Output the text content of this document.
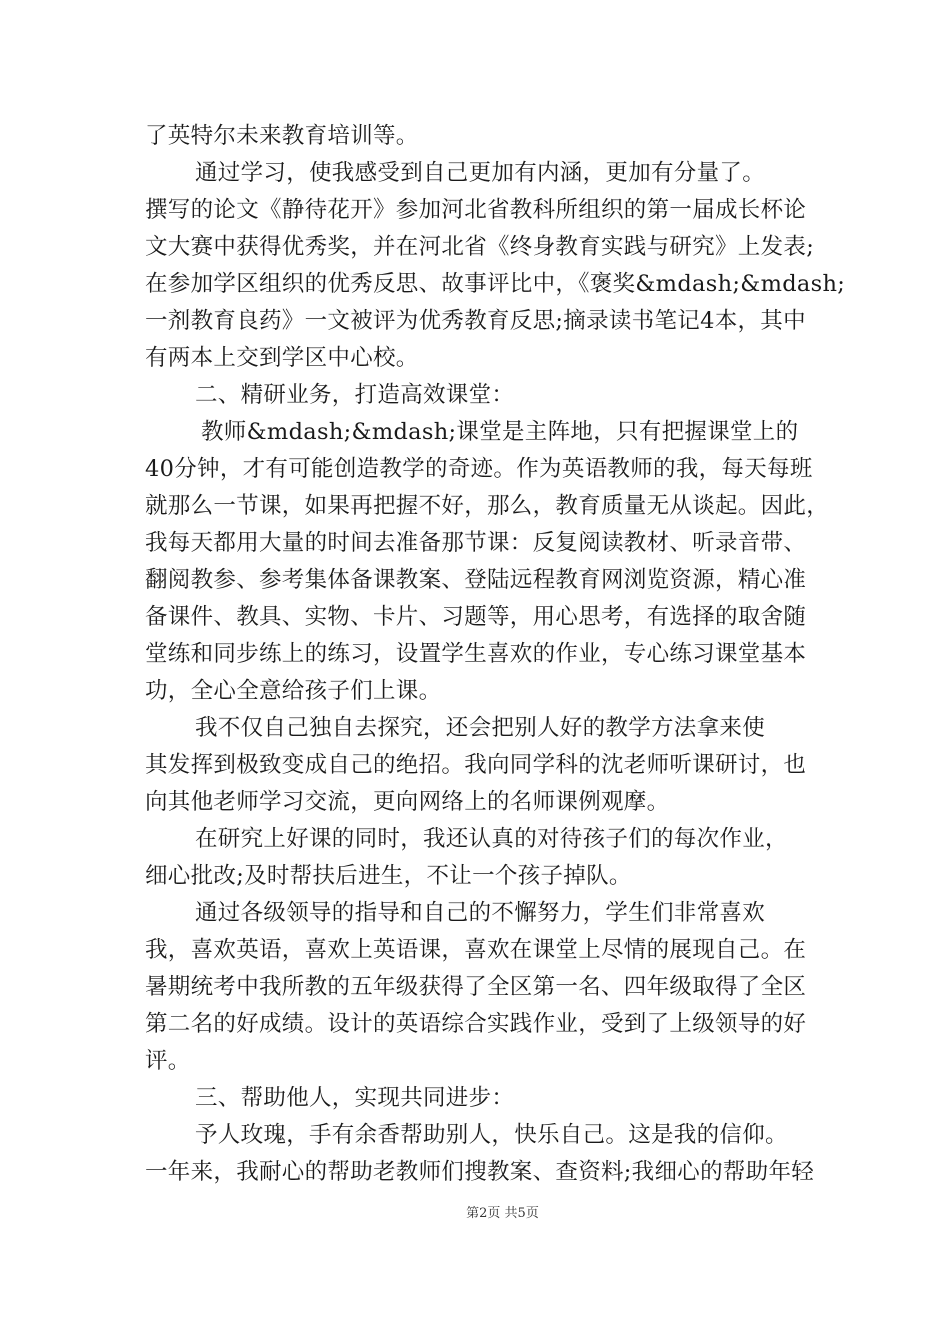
了英特尔未来教育培训等。
通过学习，使我感受到自己更加有内涵，更加有分量了。
撰写的论文《静待花开》参加河北省教科所组织的第一届成长杯论
文大赛中获得优秀奖，并在河北省《终身教育实践与研究》上发表;
在参加学区组织的优秀反思、故事评比中，《褒奖&mdash;&mdash;
一剂教育良药》一文被评为优秀教育反思;摘录读书笔记4本，其中
有两本上交到学区中心校。
二、精研业务，打造高效课堂：
教师&mdash;&mdash;课堂是主阵地，只有把握课堂上的
40分钟，才有可能创造教学的奇迹。作为英语教师的我，每天每班
就那么一节课，如果再把握不好，那么，教育质量无从谈起。因此，
我每天都用大量的时间去准备那节课：反复阅读教材、听录音带、
翻阅教参、参考集体备课教案、登陆远程教育网浏览资源，精心准
备课件、教具、实物、卡片、习题等，用心思考，有选择的取舍随
堂练和同步练上的练习，设置学生喜欢的作业，专心练习课堂基本
功，全心全意给孩子们上课。
我不仅自己独自去探究，还会把别人好的教学方法拿来使
其发挥到极致变成自己的绝招。我向同学科的沈老师听课研讨，也
向其他老师学习交流，更向网络上的名师课例观摩。
在研究上好课的同时，我还认真的对待孩子们的每次作业，
细心批改;及时帮扶后进生，不让一个孩子掉队。
通过各级领导的指导和自己的不懈努力，学生们非常喜欢
我，喜欢英语，喜欢上英语课，喜欢在课堂上尽情的展现自己。在
暑期统考中我所教的五年级获得了全区第一名、四年级取得了全区
第二名的好成绩。设计的英语综合实践作业，受到了上级领导的好
评。
三、帮助他人，实现共同进步：
予人玫瑰，手有余香帮助别人，快乐自己。这是我的信仰。
一年来，我耐心的帮助老教师们搜教案、查资料;我细心的帮助年轻
第2页 共5页
